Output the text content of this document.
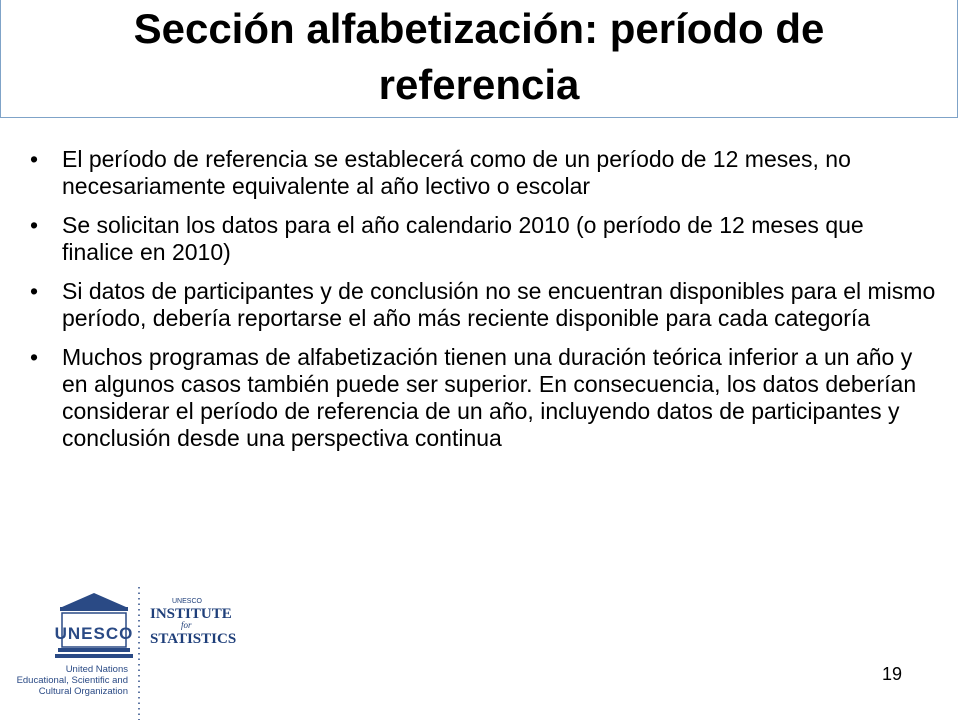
Sección alfabetización: período de referencia
•	El período de referencia se establecerá como de un período de 12 meses, no necesariamente equivalente al año lectivo o escolar
•	Se solicitan los datos para el año calendario 2010 (o período de 12 meses que finalice en 2010)
•	Si datos de participantes y de conclusión no se encuentran disponibles para el mismo período, debería reportarse el año más reciente disponible para cada categoría
•	Muchos programas de alfabetización tienen una duración teórica inferior a un año y en algunos casos también puede ser superior. En consecuencia, los datos deberían considerar el período de referencia de un año, incluyendo datos de participantes y conclusión desde una perspectiva continua
UNESCO
United Nations
Educational, Scientific and
Cultural Organization
UNESCO
INSTITUTE
for
STATISTICS
19
